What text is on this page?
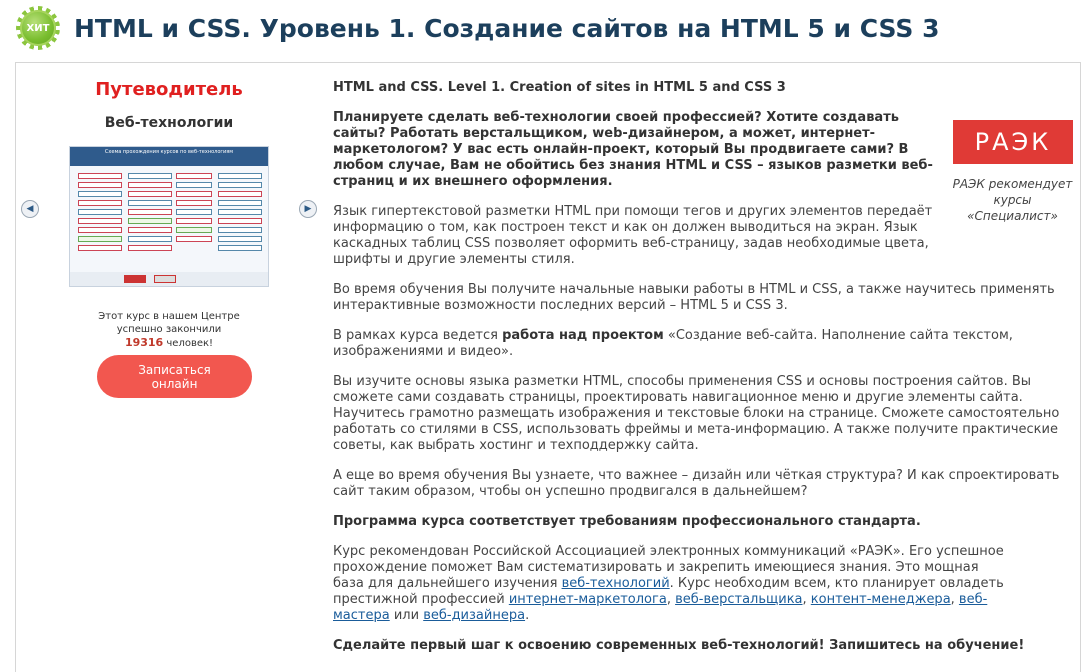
ХИТ HTML и CSS. Уровень 1. Создание сайтов на HTML 5 и CSS 3
Путеводитель
Веб-технологии
◀
Схема прохождения курсов по веб-технологиям
▶
Этот курс в нашем Центре
успешно закончили
19316 человек!
Записаться
онлайн
РАЭК
РАЭК рекомендует
курсы
«Специалист»

HTML and CSS. Level 1. Creation of sites in HTML 5 and CSS 3

Планируете сделать веб-технологии своей профессией? Хотите создавать сайты? Работать верстальщиком, web-дизайнером, а может, интернет-маркетологом? У вас есть онлайн-проект, который Вы продвигаете сами? В любом случае, Вам не обойтись без знания HTML и CSS – языков разметки веб-страниц и их внешнего оформления.

Язык гипертекстовой разметки HTML при помощи тегов и других элементов передаёт информацию о том, как построен текст и как он должен выводиться на экран. Язык каскадных таблиц CSS позволяет оформить веб-страницу, задав необходимые цвета, шрифты и другие элементы стиля.

Во время обучения Вы получите начальные навыки работы в HTML и CSS, а также научитесь применять интерактивные возможности последних версий – HTML 5 и CSS 3.

В рамках курса ведется работа над проектом «Создание веб-сайта. Наполнение сайта текстом, изображениями и видео».

Вы изучите основы языка разметки HTML, способы применения CSS и основы построения сайтов. Вы сможете сами создавать страницы, проектировать навигационное меню и другие элементы сайта. Научитесь грамотно размещать изображения и текстовые блоки на странице. Сможете самостоятельно работать со стилями в CSS, использовать фреймы и мета-информацию. А также получите практические советы, как выбрать хостинг и техподдержку сайта.

А еще во время обучения Вы узнаете, что важнее – дизайн или чёткая структура? И как спроектировать сайт таким образом, чтобы он успешно продвигался в дальнейшем?

Программа курса соответствует требованиям профессионального стандарта.

Курс рекомендован Российской Ассоциацией электронных коммуникаций «РАЭК». Его успешное прохождение поможет Вам систематизировать и закрепить имеющиеся знания. Это мощная база для дальнейшего изучения веб-технологий. Курс необходим всем, кто планирует овладеть престижной профессией интернет-маркетолога, веб-верстальщика, контент-менеджера, веб-мастера или веб-дизайнера.

Сделайте первый шаг к освоению современных веб-технологий! Запишитесь на обучение!
